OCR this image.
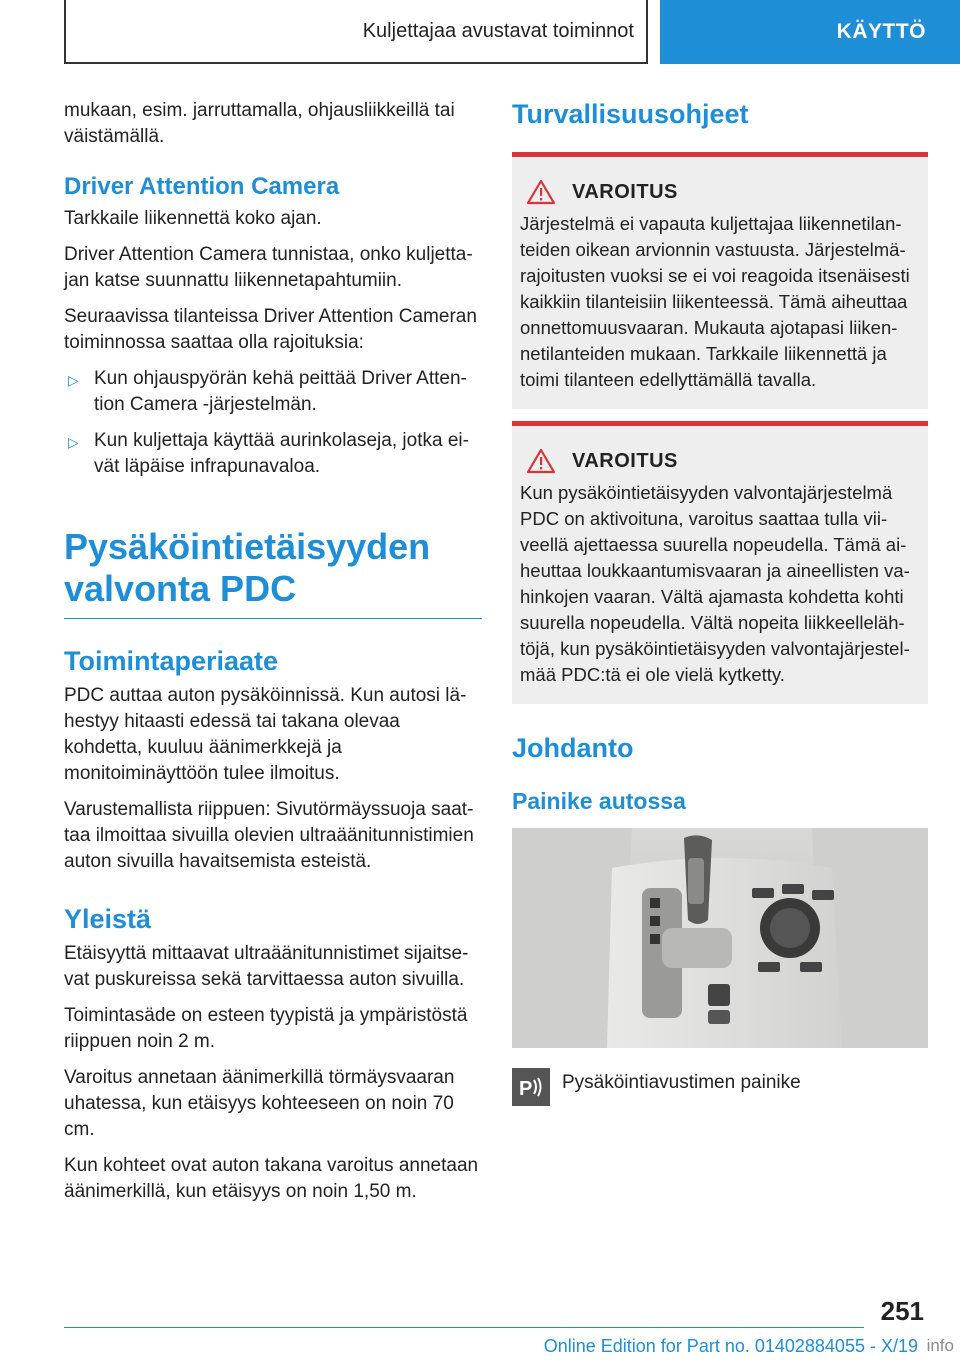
Kuljettajaa avustavat toiminnot	KÄYTTÖ

mukaan, esim. jarruttamalla, ohjausliikkeillä tai väistämällä.

Driver Attention Camera

Tarkkaile liikennettä koko ajan.

Driver Attention Camera tunnistaa, onko kuljettajan katse suunnattu liikennetapahtumiin.

Seuraavissa tilanteissa Driver Attention Cameran toiminnossa saattaa olla rajoituksia:

▷ Kun ohjauspyörän kehä peittää Driver Attention Camera ‑järjestelmän.
▷ Kun kuljettaja käyttää aurinkolaseja, jotka eivät läpäise infrapunavaloa.
Pysäköintietäisyyden valvonta PDC
Toimintaperiaate

PDC auttaa auton pysäköinnissä. Kun autosi lähestyy hitaasti edessä tai takana olevaa kohdetta, kuuluu äänimerkkejä ja monitoiminäyttöön tulee ilmoitus.

Varustemallista riippuen: Sivutörmäyssuoja saattaa ilmoittaa sivuilla olevien ultraäänitunnistimien auton sivuilla havaitsemista esteistä.

Yleistä

Etäisyyttä mittaavat ultraäänitunnistimet sijaitsevat puskureissa sekä tarvittaessa auton sivuilla.

Toimintasäde on esteen tyypistä ja ympäristöstä riippuen noin 2 m.

Varoitus annetaan äänimerkillä törmäysvaaran uhatessa, kun etäisyys kohteeseen on noin 70 cm.

Kun kohteet ovat auton takana varoitus annetaan äänimerkillä, kun etäisyys on noin 1,50 m.

Turvallisuusohjeet
VAROITUS

Järjestelmä ei vapauta kuljettajaa liikennetilanteiden oikean arvionnin vastuusta. Järjestelmärajoitusten vuoksi se ei voi reagoida itsenäisesti kaikkiin tilanteisiin liikenteessä. Tämä aiheuttaa onnettomuusvaaran. Mukauta ajotapasi liikennetilanteiden mukaan. Tarkkaile liikennettä ja toimi tilanteen edellyttämällä tavalla.

VAROITUS

Kun pysäköintietäisyyden valvontajärjestelmä PDC on aktivoituna, varoitus saattaa tulla viiveellä ajettaessa suurella nopeudella. Tämä aiheuttaa loukkaantumisvaaran ja aineellisten vahinkojen vaaran. Vältä ajamasta kohdetta kohti suurella nopeudella. Vältä nopeita liikkeellelähtöjä, kun pysäköintietäisyyden valvontajärjestelmää PDC:tä ei ole vielä kytketty.

Johdanto
Painike autossa
P Pysäköintiavustimen painike

251
Online Edition for Part no. 01402884055 - X/19 info
